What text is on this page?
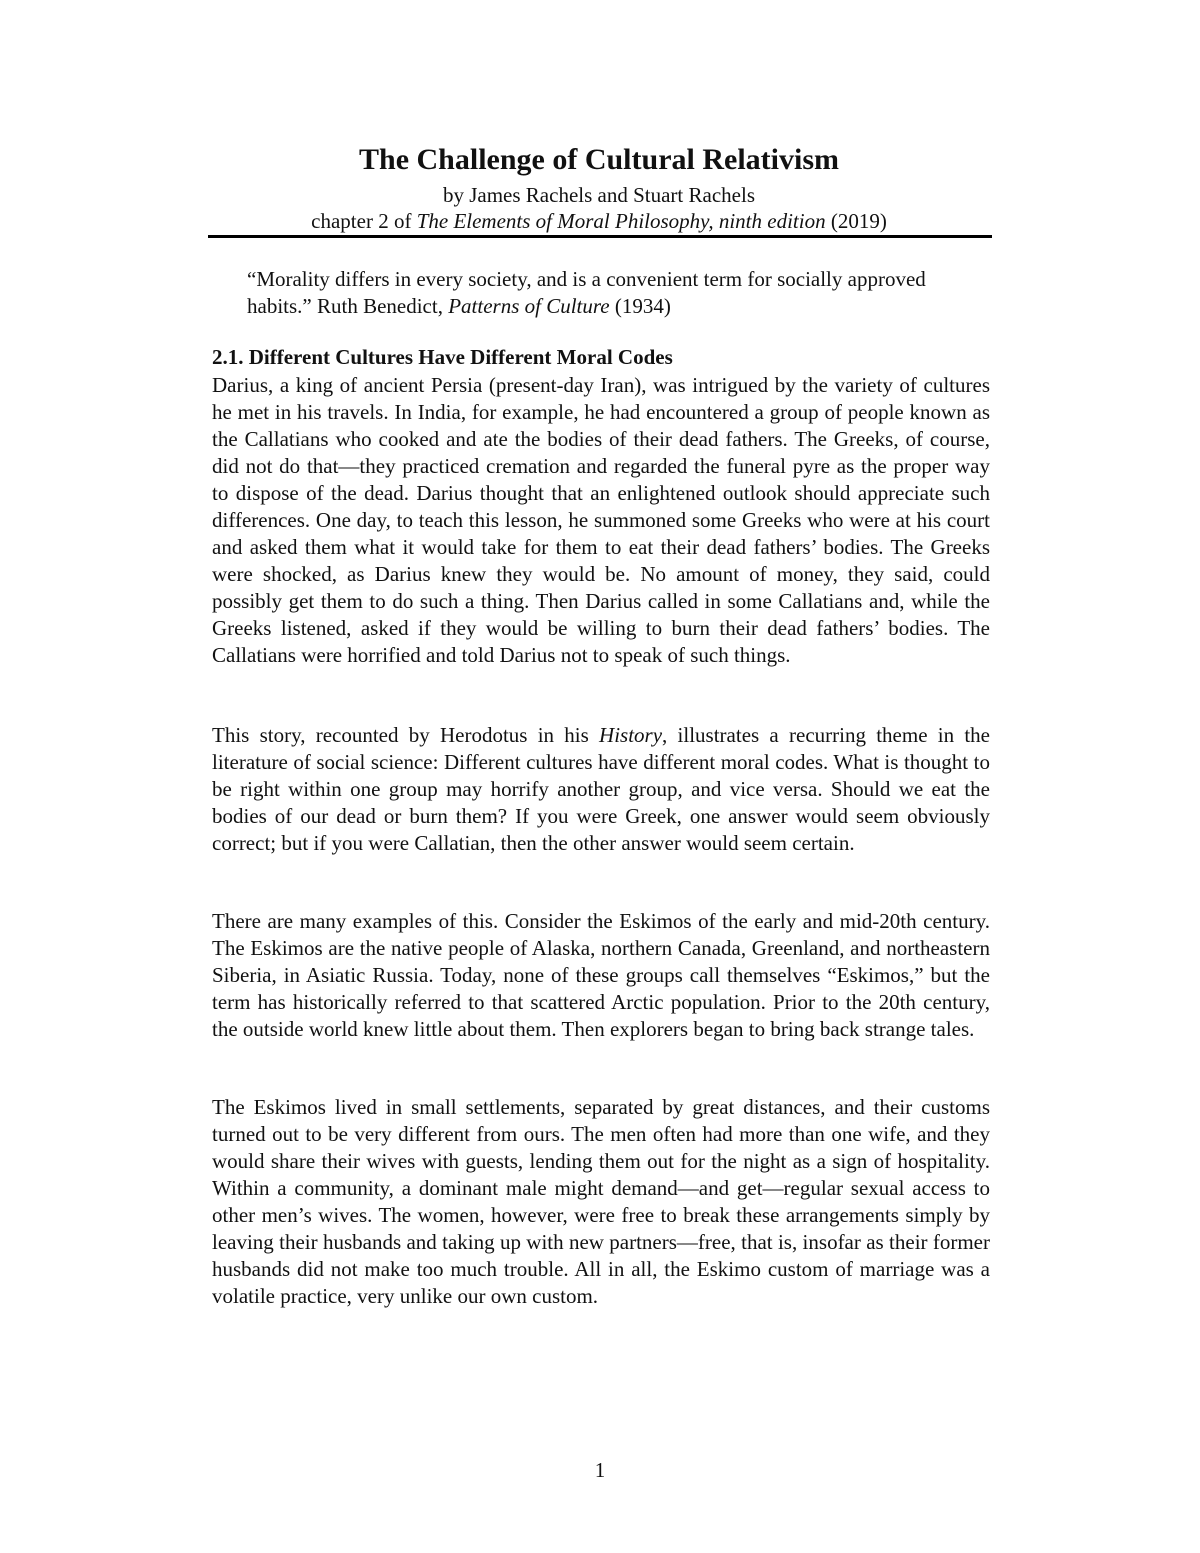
The Challenge of Cultural Relativism
by James Rachels and Stuart Rachels
chapter 2 of The Elements of Moral Philosophy, ninth edition (2019)
“Morality differs in every society, and is a convenient term for socially approved habits.” Ruth Benedict, Patterns of Culture (1934)
2.1. Different Cultures Have Different Moral Codes

Darius, a king of ancient Persia (present-day Iran), was intrigued by the variety of cultures he met in his travels. In India, for example, he had encountered a group of people known as the Callatians who cooked and ate the bodies of their dead fathers. The Greeks, of course, did not do that—they practiced cremation and regarded the funeral pyre as the proper way to dispose of the dead. Darius thought that an enlightened outlook should appreciate such differences. One day, to teach this lesson, he summoned some Greeks who were at his court and asked them what it would take for them to eat their dead fathers’ bodies. The Greeks were shocked, as Darius knew they would be. No amount of money, they said, could possibly get them to do such a thing. Then Darius called in some Callatians and, while the Greeks listened, asked if they would be willing to burn their dead fathers’ bodies. The Callatians were horrified and told Darius not to speak of such things.

This story, recounted by Herodotus in his History, illustrates a recurring theme in the literature of social science: Different cultures have different moral codes. What is thought to be right within one group may horrify another group, and vice versa. Should we eat the bodies of our dead or burn them? If you were Greek, one answer would seem obviously correct; but if you were Callatian, then the other answer would seem certain.

There are many examples of this. Consider the Eskimos of the early and mid-20th century. The Eskimos are the native people of Alaska, northern Canada, Greenland, and northeastern Siberia, in Asiatic Russia. Today, none of these groups call themselves “Eskimos,” but the term has historically referred to that scattered Arctic population. Prior to the 20th century, the outside world knew little about them. Then explorers began to bring back strange tales.

The Eskimos lived in small settlements, separated by great distances, and their customs turned out to be very different from ours. The men often had more than one wife, and they would share their wives with guests, lending them out for the night as a sign of hospitality. Within a community, a dominant male might demand—and get—regular sexual access to other men’s wives. The women, however, were free to break these arrangements simply by leaving their husbands and taking up with new partners—free, that is, insofar as their former husbands did not make too much trouble. All in all, the Eskimo custom of marriage was a volatile practice, very unlike our own custom.

1
